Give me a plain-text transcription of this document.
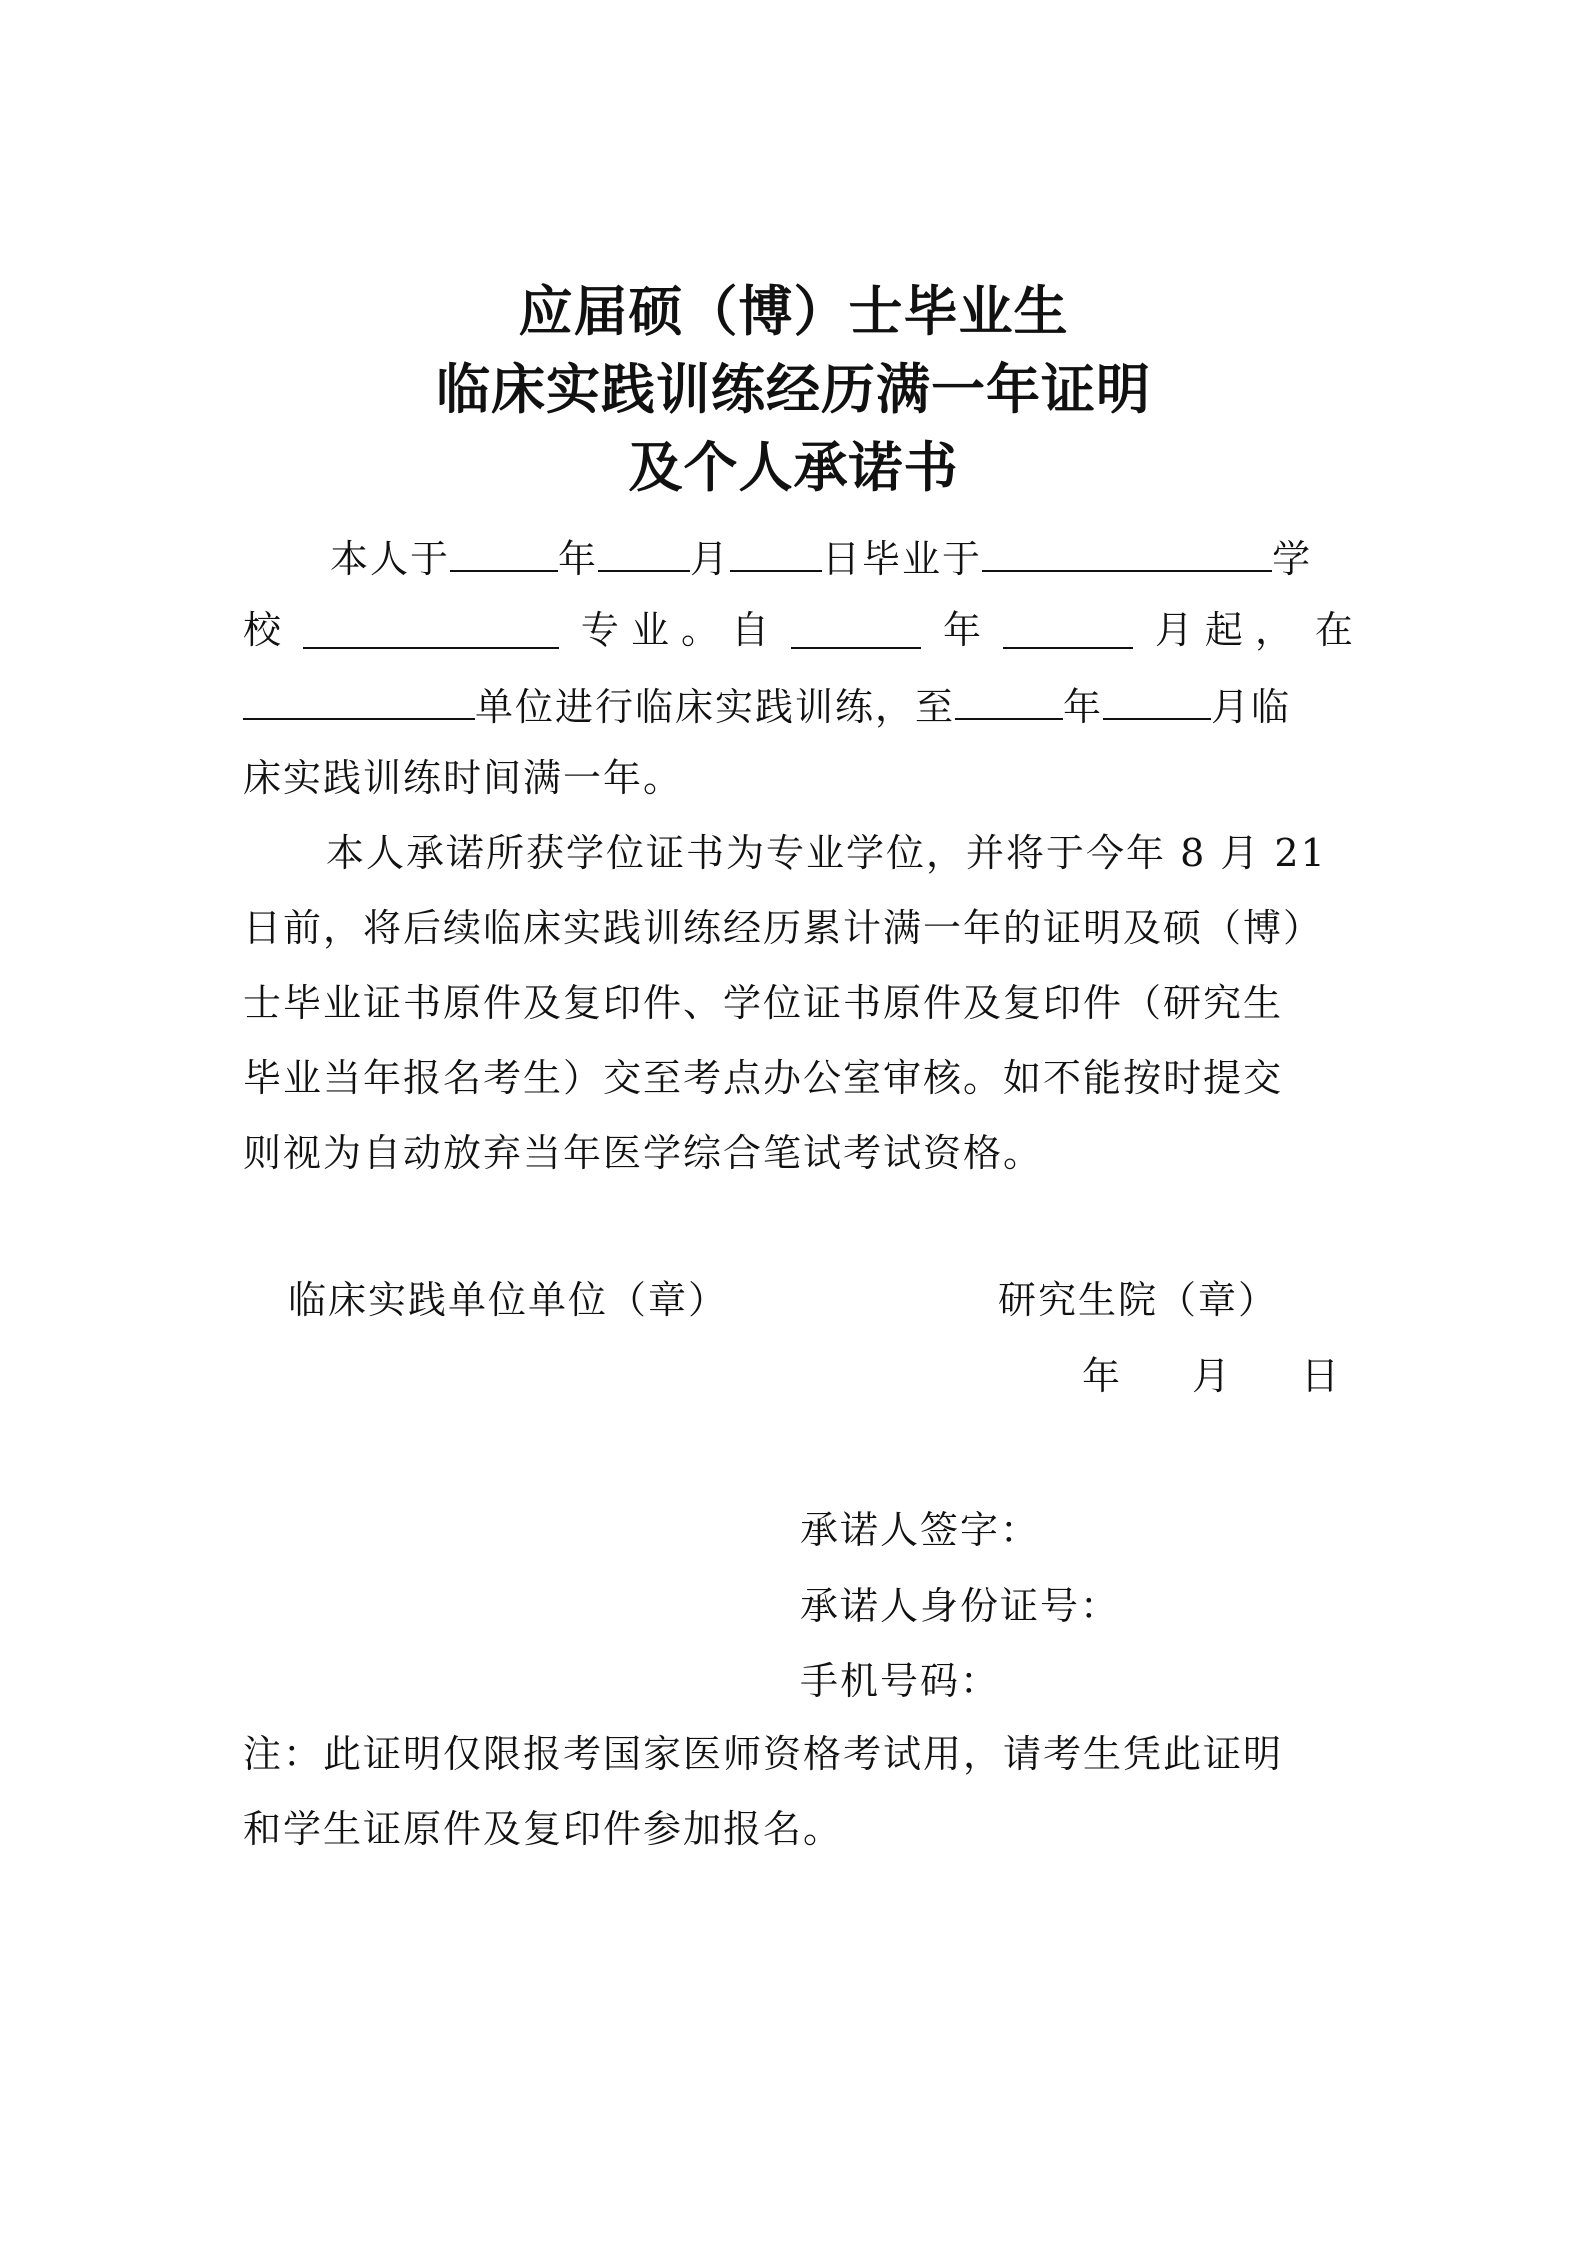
应届硕（博）士毕业生
临床实践训练经历满一年证明
及个人承诺书
本人于	年 月 日毕业于	学
校	专 业 。 自	年	月 起 ， 在
单位进行临床实践训练，至	年	月临
床实践训练时间满一年。
本人承诺所获学位证书为专业学位，并将于今年 8 月 21
日前，将后续临床实践训练经历累计满一年的证明及硕（博）
士毕业证书原件及复印件、学位证书原件及复印件（研究生
毕业当年报名考生）交至考点办公室审核。如不能按时提交
则视为自动放弃当年医学综合笔试考试资格。
临床实践单位单位（章）	研究生院（章）
年 月 日
承诺人签字：
承诺人身份证号：
手机号码：
注：此证明仅限报考国家医师资格考试用，请考生凭此证明
和学生证原件及复印件参加报名。
